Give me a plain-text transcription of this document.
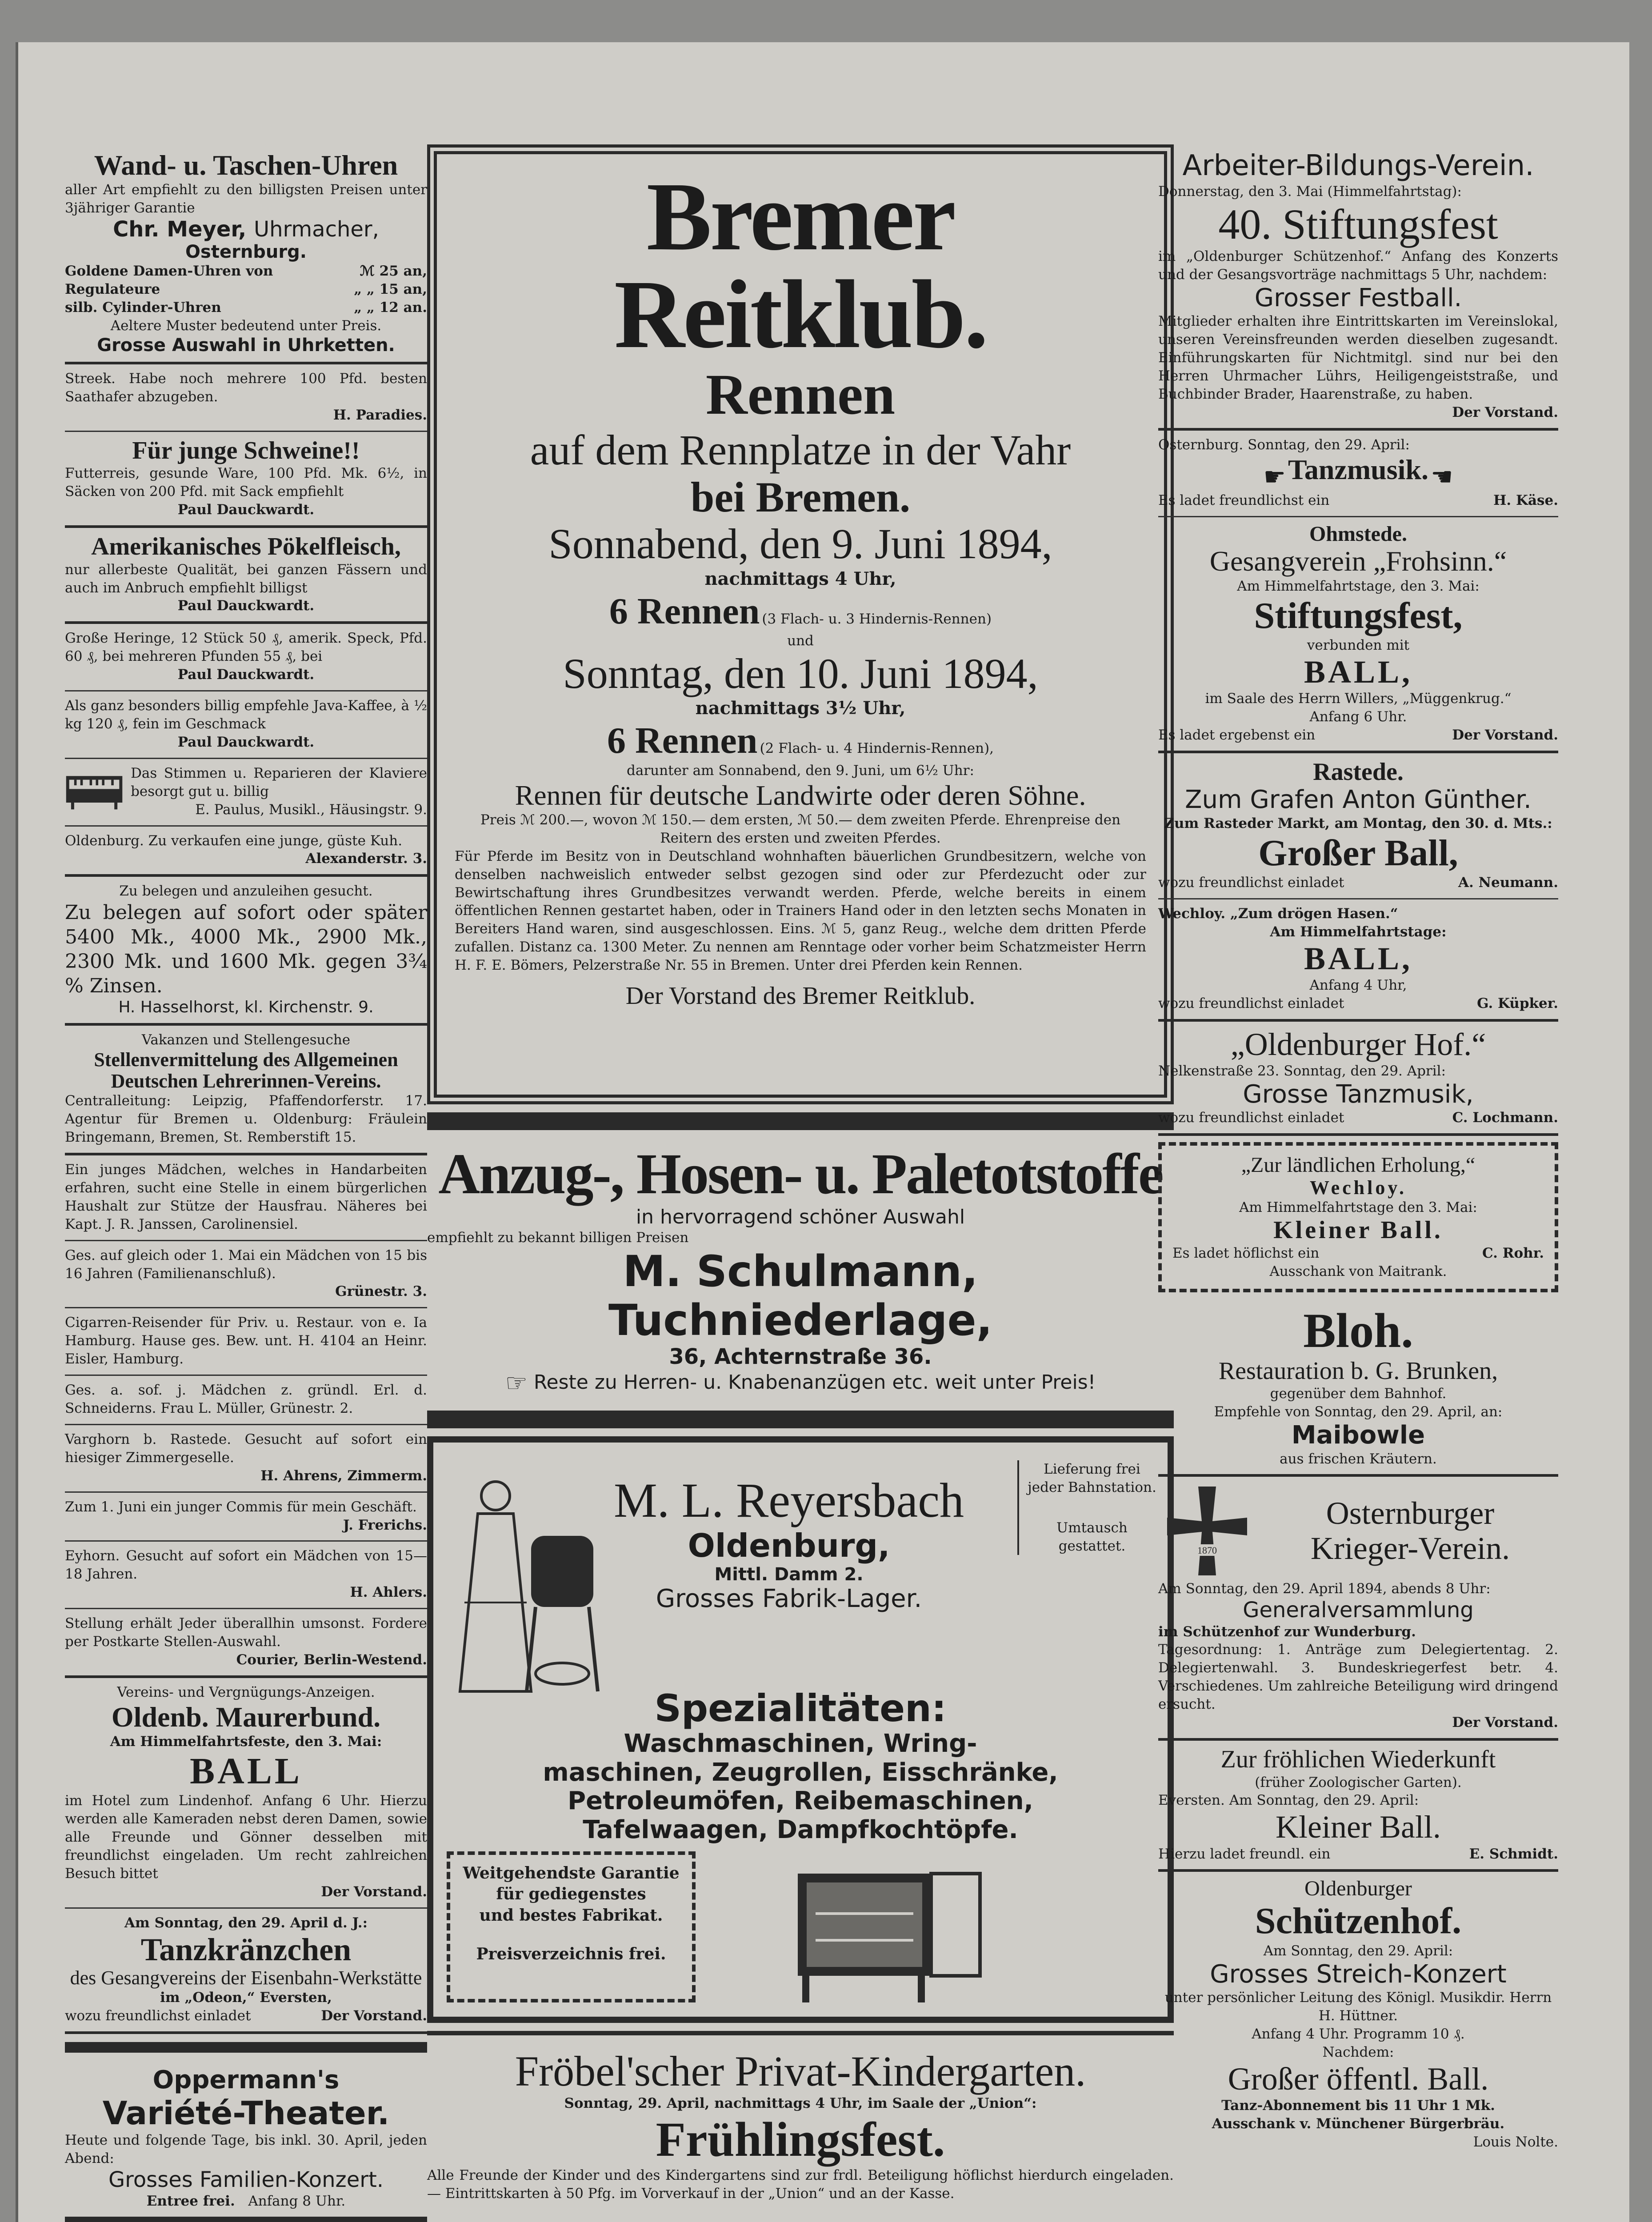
Wand- u. Taschen-Uhren
aller Art empfiehlt zu den billigsten Preisen unter 3jähriger Garantie
Chr. Meyer, Uhrmacher,
Osternburg.
Goldene Damen-Uhren von	ℳ 25 an,
Regulateure	„ „ 15 an,
silb. Cylinder-Uhren	„ „ 12 an.
Aeltere Muster bedeutend unter Preis.
Grosse Auswahl in Uhrketten.
Streek. Habe noch mehrere 100 Pfd. besten Saathafer abzugeben.
H. Paradies.
Für junge Schweine!!
Futterreis, gesunde Ware, 100 Pfd. Mk. 6½, in Säcken von 200 Pfd. mit Sack empfiehlt
Paul Dauckwardt.
Amerikanisches Pökelfleisch,
nur allerbeste Qualität, bei ganzen Fässern und auch im Anbruch empfiehlt billigst
Paul Dauckwardt.
Große Heringe, 12 Stück 50 ₰, amerik. Speck, Pfd. 60 ₰, bei mehreren Pfunden 55 ₰, bei
Paul Dauckwardt.
Als ganz besonders billig empfehle Java-Kaffee, à ½ kg 120 ₰, fein im Geschmack
Paul Dauckwardt.
Das Stimmen u. Reparieren der Klaviere besorgt gut u. billig
E. Paulus, Musikl., Häusingstr. 9.
Oldenburg. Zu verkaufen eine junge, güste Kuh.
Alexanderstr. 3.
Zu belegen und anzuleihen gesucht.
Zu belegen auf sofort oder später 5400 Mk., 4000 Mk., 2900 Mk., 2300 Mk. und 1600 Mk. gegen 3¾ % Zinsen.
H. Hasselhorst, kl. Kirchenstr. 9.
Vakanzen und Stellengesuche
Stellenvermittelung des Allgemeinen Deutschen Lehrerinnen-Vereins.
Centralleitung: Leipzig, Pfaffendorferstr. 17. Agentur für Bremen u. Oldenburg: Fräulein Bringemann, Bremen, St. Remberstift 15.
Ein junges Mädchen, welches in Handarbeiten erfahren, sucht eine Stelle in einem bürgerlichen Haushalt zur Stütze der Hausfrau. Näheres bei Kapt. J. R. Janssen, Carolinensiel.
Ges. auf gleich oder 1. Mai ein Mädchen von 15 bis 16 Jahren (Familienanschluß).
Grünestr. 3.
Cigarren-Reisender für Priv. u. Restaur. von e. Ia Hamburg. Hause ges. Bew. unt. H. 4104 an Heinr. Eisler, Hamburg.
Ges. a. sof. j. Mädchen z. gründl. Erl. d. Schneiderns. Frau L. Müller, Grünestr. 2.
Varghorn b. Rastede. Gesucht auf sofort ein hiesiger Zimmergeselle.
H. Ahrens, Zimmerm.
Zum 1. Juni ein junger Commis für mein Geschäft.
J. Frerichs.
Eyhorn. Gesucht auf sofort ein Mädchen von 15—18 Jahren.
H. Ahlers.
Stellung erhält Jeder überallhin umsonst. Fordere per Postkarte Stellen-Auswahl.
Courier, Berlin-Westend.
Vereins- und Vergnügungs-Anzeigen.
Oldenb. Maurerbund.
Am Himmelfahrtsfeste, den 3. Mai:
BALL
im Hotel zum Lindenhof. Anfang 6 Uhr. Hierzu werden alle Kameraden nebst deren Damen, sowie alle Freunde und Gönner desselben mit freundlichst eingeladen. Um recht zahlreichen Besuch bittet
Der Vorstand.
Am Sonntag, den 29. April d. J.:
Tanzkränzchen
des Gesangvereins der Eisenbahn-Werkstätte
im „Odeon,“ Eversten,
wozu freundlichst einladet	Der Vorstand.
Oppermann's
Variété-Theater.
Heute und folgende Tage, bis inkl. 30. April, jeden Abend:
Grosses Familien-Konzert.
Entree frei. Anfang 8 Uhr.
Bremer Reitklub.
Rennen
auf dem Rennplatze in der Vahr
bei Bremen.
Sonnabend, den 9. Juni 1894,
nachmittags 4 Uhr,
6 Rennen (3 Flach- u. 3 Hindernis-Rennen)
und
Sonntag, den 10. Juni 1894,
nachmittags 3½ Uhr,
6 Rennen (2 Flach- u. 4 Hindernis-Rennen),
darunter am Sonnabend, den 9. Juni, um 6½ Uhr:
Rennen für deutsche Landwirte oder deren Söhne.
Preis ℳ 200.—, wovon ℳ 150.— dem ersten, ℳ 50.— dem zweiten Pferde. Ehrenpreise den Reitern des ersten und zweiten Pferdes.
Für Pferde im Besitz von in Deutschland wohnhaften bäuerlichen Grundbesitzern, welche von denselben nachweislich entweder selbst gezogen sind oder zur Pferdezucht oder zur Bewirtschaftung ihres Grundbesitzes verwandt werden. Pferde, welche bereits in einem öffentlichen Rennen gestartet haben, oder in Trainers Hand oder in den letzten sechs Monaten in Bereiters Hand waren, sind ausgeschlossen. Eins. ℳ 5, ganz Reug., welche dem dritten Pferde zufallen. Distanz ca. 1300 Meter. Zu nennen am Renntage oder vorher beim Schatzmeister Herrn H. F. E. Bömers, Pelzerstraße Nr. 55 in Bremen. Unter drei Pferden kein Rennen.
Der Vorstand des Bremer Reitklub.
Anzug-, Hosen- u. Paletotstoffe
in hervorragend schöner Auswahl
empfiehlt zu bekannt billigen Preisen
M. Schulmann, Tuchniederlage,
36, Achternstraße 36.
☞ Reste zu Herren- u. Knabenanzügen etc. weit unter Preis!
M. L. Reyersbach
Oldenburg,
Mittl. Damm 2.
Grosses Fabrik-Lager.
Lieferung frei
jeder Bahnstation.
Umtausch
gestattet.
Spezialitäten:
Waschmaschinen, Wring-
maschinen, Zeugrollen, Eisschränke,
Petroleumöfen, Reibemaschinen,
Tafelwaagen, Dampfkochtöpfe.
Weitgehendste Garantie
für gediegenstes
und bestes Fabrikat.
Preisverzeichnis frei.
Fröbel'scher Privat-Kindergarten.
Sonntag, 29. April, nachmittags 4 Uhr, im Saale der „Union“:
Frühlingsfest.
Alle Freunde der Kinder und des Kindergartens sind zur frdl. Beteiligung höflichst hierdurch eingeladen. — Eintrittskarten à 50 Pfg. im Vorverkauf in der „Union“ und an der Kasse.
Arbeiter-Bildungs-Verein.
Donnerstag, den 3. Mai (Himmelfahrtstag):
40. Stiftungsfest
im „Oldenburger Schützenhof.“ Anfang des Konzerts und der Gesangsvorträge nachmittags 5 Uhr, nachdem:
Grosser Festball.
Mitglieder erhalten ihre Eintrittskarten im Vereinslokal, unseren Vereinsfreunden werden dieselben zugesandt. Einführungskarten für Nichtmitgl. sind nur bei den Herren Uhrmacher Lührs, Heiligengeiststraße, und Buchbinder Brader, Haarenstraße, zu haben.
Der Vorstand.
Osternburg. Sonntag, den 29. April:
☛ Tanzmusik. ☚
Es ladet freundlichst ein	H. Käse.
Ohmstede.
Gesangverein „Frohsinn.“
Am Himmelfahrtstage, den 3. Mai:
Stiftungsfest,
verbunden mit
BALL,
im Saale des Herrn Willers, „Müggenkrug.“
Anfang 6 Uhr.
Es ladet ergebenst ein	Der Vorstand.
Rastede.
Zum Grafen Anton Günther.
Zum Rasteder Markt, am Montag, den 30. d. Mts.:
Großer Ball,
wozu freundlichst einladet	A. Neumann.
Wechloy. „Zum drögen Hasen.“
Am Himmelfahrtstage:
BALL,
Anfang 4 Uhr,
wozu freundlichst einladet	G. Küpker.
„Oldenburger Hof.“
Nelkenstraße 23. Sonntag, den 29. April:
Grosse Tanzmusik,
wozu freundlichst einladet	C. Lochmann.
„Zur ländlichen Erholung,“
Wechloy.
Am Himmelfahrtstage den 3. Mai:
Kleiner Ball.
Es ladet höflichst ein	C. Rohr.
Ausschank von Maitrank.
Bloh.
Restauration b. G. Brunken,
gegenüber dem Bahnhof.
Empfehle von Sonntag, den 29. April, an:
Maibowle
aus frischen Kräutern.
1870
Osternburger
Krieger-Verein.
Am Sonntag, den 29. April 1894, abends 8 Uhr:
Generalversammlung
im Schützenhof zur Wunderburg.
Tagesordnung: 1. Anträge zum Delegiertentag. 2. Delegiertenwahl. 3. Bundeskriegerfest betr. 4. Verschiedenes. Um zahlreiche Beteiligung wird dringend ersucht.
Der Vorstand.
Zur fröhlichen Wiederkunft
(früher Zoologischer Garten).
Eversten. Am Sonntag, den 29. April:
Kleiner Ball.
Hierzu ladet freundl. ein	E. Schmidt.
Oldenburger
Schützenhof.
Am Sonntag, den 29. April:
Grosses Streich-Konzert
unter persönlicher Leitung des Königl. Musikdir. Herrn H. Hüttner.
Anfang 4 Uhr. Programm 10 ₰.
Nachdem:
Großer öffentl. Ball.
Tanz-Abonnement bis 11 Uhr 1 Mk.
Ausschank v. Münchener Bürgerbräu.
Louis Nolte.
